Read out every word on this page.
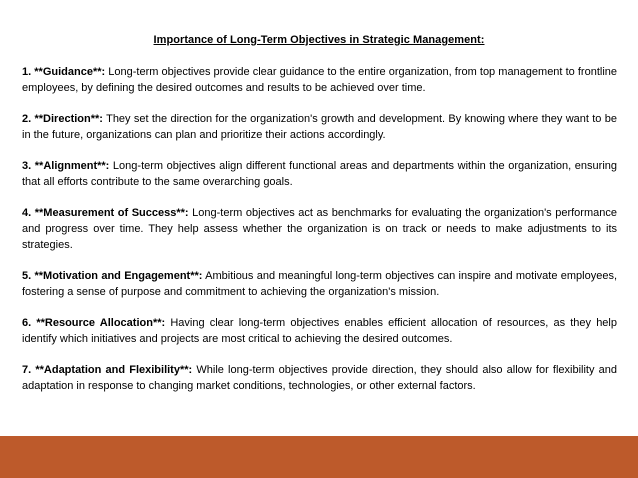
Importance of Long-Term Objectives in Strategic Management:

1. **Guidance**: Long-term objectives provide clear guidance to the entire organization, from top management to frontline employees, by defining the desired outcomes and results to be achieved over time.

2. **Direction**: They set the direction for the organization's growth and development. By knowing where they want to be in the future, organizations can plan and prioritize their actions accordingly.

3. **Alignment**: Long-term objectives align different functional areas and departments within the organization, ensuring that all efforts contribute to the same overarching goals.

4. **Measurement of Success**: Long-term objectives act as benchmarks for evaluating the organization's performance and progress over time. They help assess whether the organization is on track or needs to make adjustments to its strategies.

5. **Motivation and Engagement**: Ambitious and meaningful long-term objectives can inspire and motivate employees, fostering a sense of purpose and commitment to achieving the organization's mission.

6. **Resource Allocation**: Having clear long-term objectives enables efficient allocation of resources, as they help identify which initiatives and projects are most critical to achieving the desired outcomes.

7. **Adaptation and Flexibility**: While long-term objectives provide direction, they should also allow for flexibility and adaptation in response to changing market conditions, technologies, or other external factors.
